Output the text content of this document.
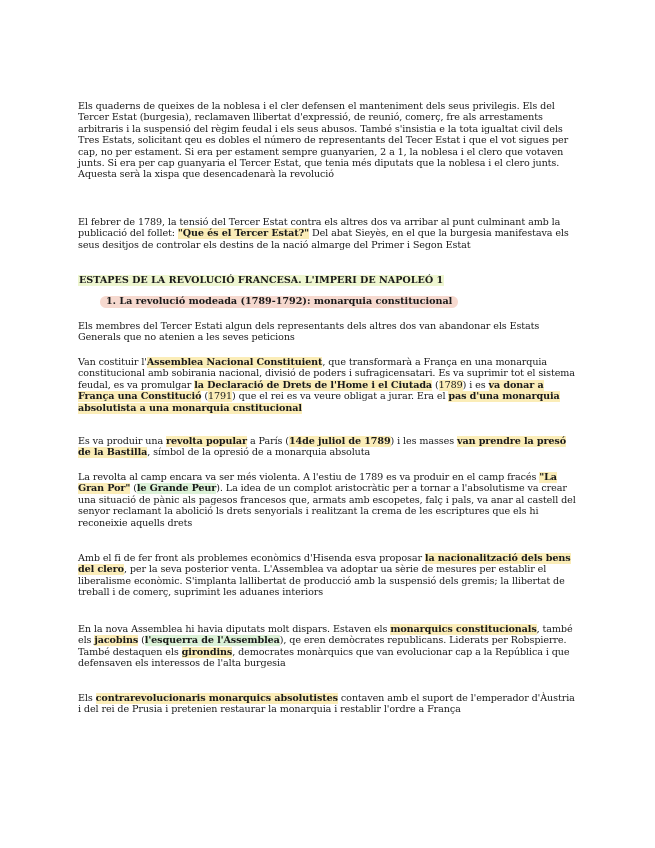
Els quaderns de queixes de la noblesa i el cler defensen el manteniment dels seus privilegis. Els del Tercer Estat (burgesia), reclamaven llibertat d'expressió, de reunió, comerç, fre als arrestaments arbitraris i la suspensió del règim feudal i els seus abusos. També s'insistia e la tota igualtat civil dels Tres Estats, solicitant qeu es dobles el número de representants del Tecer Estat i que el vot sigues per cap, no per estament. Si era per estament sempre guanyarien, 2 a 1, la noblesa i el clero que votaven junts. Si era per cap guanyaria el Tercer Estat, que tenia més diputats que la noblesa i el clero junts. Aquesta serà la xispa que desencadenarà la revolució

El febrer de 1789, la tensió del Tercer Estat contra els altres dos va arribar al punt culminant amb la publicació del follet: "Que és el Tercer Estat?" Del abat Sieyès, en el que la burgesia manifestava els seus desitjos de controlar els destins de la nació almarge del Primer i Segon Estat

ESTAPES DE LA REVOLUCIÓ FRANCESA. L'IMPERI DE NAPOLEÓ 1
1. La revolució modeada (1789-1792): monarquia constitucional

Els membres del Tercer Estati algun dels representants dels altres dos van abandonar els Estats Generals que no atenien a les seves peticions

Van costituir l'Assemblea Nacional Constituient, que transformarà a França en una monarquia constitucional amb sobirania nacional, divisió de poders i sufragicensatari. Es va suprimir tot el sistema feudal, es va promulgar la Declaració de Drets de l'Home i el Ciutada (1789) i es va donar a França una Constitució (1791) que el rei es va veure obligat a jurar. Era el pas d'una monarquia absolutista a una monarquia cnstitucional

Es va produir una revolta popular a París (14de juliol de 1789) i les masses van prendre la presó de la Bastilla, símbol de la opresió de a monarquia absoluta

La revolta al camp encara va ser més violenta. A l'estiu de 1789 es va produir en el camp fracés "La Gran Por" (le Grande Peur). La idea de un complot aristocràtic per a tornar a l'absolutisme va crear una situació de pànic als pagesos francesos que, armats amb escopetes, falç i pals, va anar al castell del senyor reclamant la abolició ls drets senyorials i realitzant la crema de les escriptures que els hi reconeixie aquells drets

Amb el fi de fer front als problemes econòmics d'Hisenda esva proposar la nacionalització dels bens del clero, per la seva posterior venta. L'Assemblea va adoptar ua sèrie de mesures per establir el liberalisme econòmic. S'implanta lallibertat de producció amb la suspensió dels gremis; la llibertat de treball i de comerç, suprimint les aduanes interiors

En la nova Assemblea hi havia diputats molt dispars. Estaven els monarquics constitucionals, també els jacobins (l'esquerra de l'Assemblea), qe eren demòcrates republicans. Liderats per Robspierre. També destaquen els girondins, democrates monàrquics que van evolucionar cap a la República i que defensaven els interessos de l'alta burgesia

Els contrarevolucionaris monarquics absolutistes contaven amb el suport de l'emperador d'Àustria i del rei de Prusia i pretenien restaurar la monarquia i restablir l'ordre a França
